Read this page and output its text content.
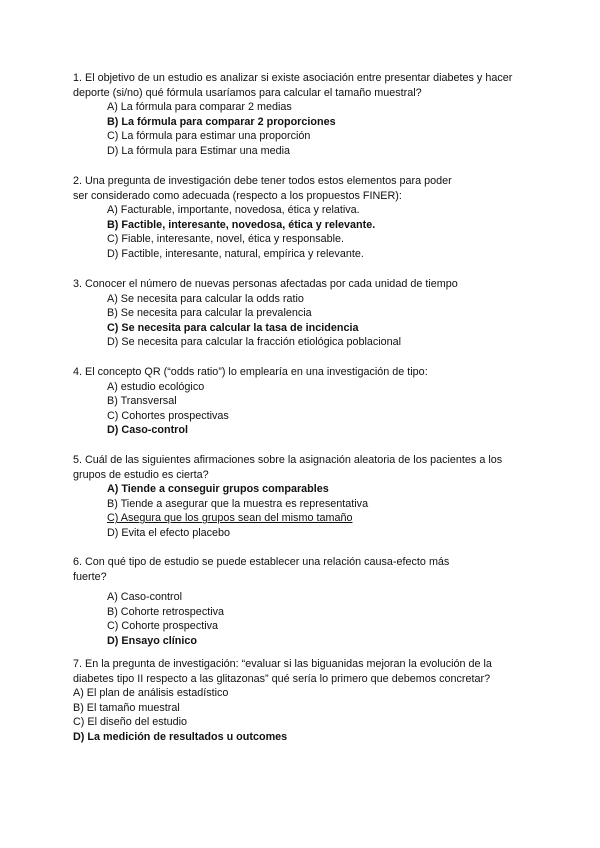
1. El objetivo de un estudio es analizar si existe asociación entre presentar diabetes y hacer
deporte (si/no) qué fórmula usaríamos para calcular el tamaño muestral?

A) La fórmula para comparar 2 medias
B) La fórmula para comparar 2 proporciones
C) La fórmula para estimar una proporción
D) La fórmula para Estimar una media

2. Una pregunta de investigación debe tener todos estos elementos para poder
ser considerado como adecuada (respecto a los propuestos FINER):

A) Facturable, importante, novedosa, ética y relativa.
B) Factible, interesante, novedosa, ética y relevante.
C) Fiable, interesante, novel, ética y responsable.
D) Factible, interesante, natural, empírica y relevante.

3. Conocer el número de nuevas personas afectadas por cada unidad de tiempo

A) Se necesita para calcular la odds ratio
B) Se necesita para calcular la prevalencia
C) Se necesita para calcular la tasa de incidencia
D) Se necesita para calcular la fracción etiológica poblacional

4. El concepto QR (“odds ratio”) lo emplearía en una investigación de tipo:

A) estudio ecológico
B) Transversal
C) Cohortes prospectivas
D) Caso-control

5. Cuál de las siguientes afirmaciones sobre la asignación aleatoria de los pacientes a los
grupos de estudio es cierta?

A) Tiende a conseguir grupos comparables
B) Tiende a asegurar que la muestra es representativa
C) Asegura que los grupos sean del mismo tamaño
D) Evita el efecto placebo

6. Con qué tipo de estudio se puede establecer una relación causa-efecto más
fuerte?

A) Caso-control
B) Cohorte retrospectiva
C) Cohorte prospectiva
D) Ensayo clínico

7. En la pregunta de investigación: “evaluar si las biguanidas mejoran la evolución de la
diabetes tipo II respecto a las glitazonas” qué sería lo primero que debemos concretar?

A) El plan de análisis estadístico
B) El tamaño muestral
C) El diseño del estudio
D) La medición de resultados u outcomes
